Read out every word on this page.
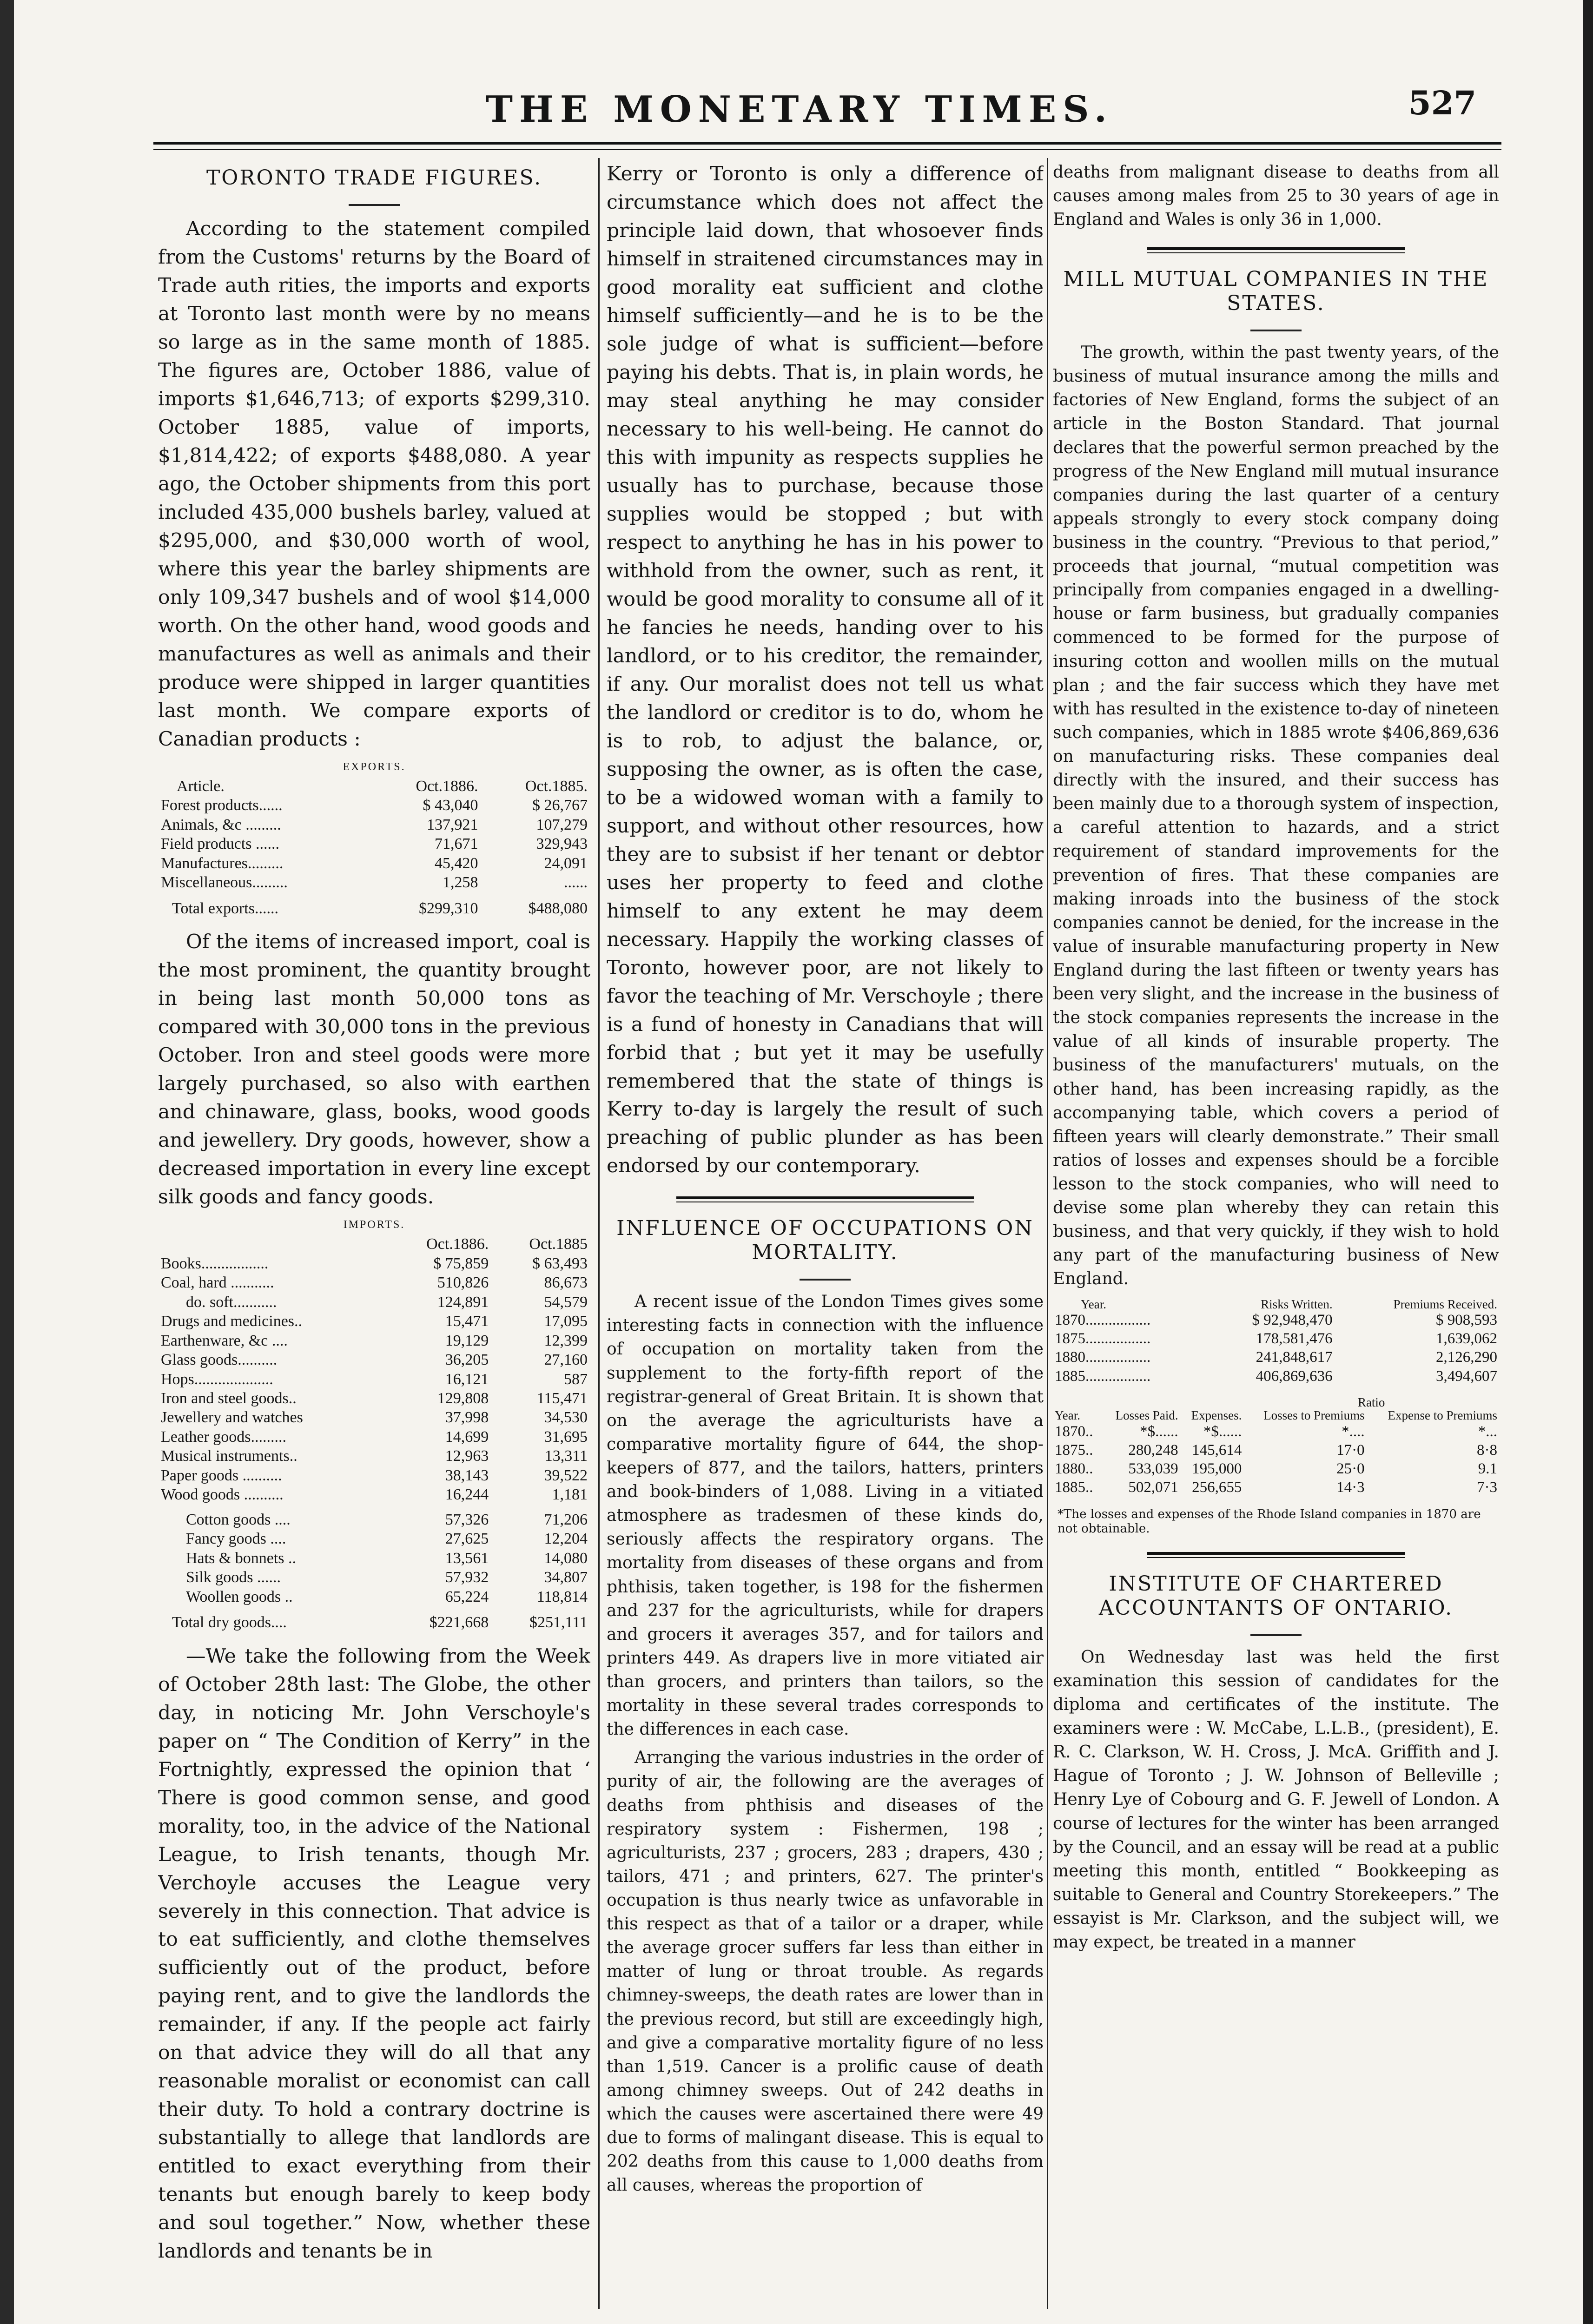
THE MONETARY TIMES.	527
TORONTO TRADE FIGURES.

According to the statement compiled from the Customs' returns by the Board of Trade auth rities, the imports and exports at Toronto last month were by no means so large as in the same month of 1885. The figures are, October 1886, value of imports $1,646,713; of exports $299,310. October 1885, value of imports, $1,814,422; of exports $488,080. A year ago, the October shipments from this port included 435,000 bushels barley, valued at $295,000, and $30,000 worth of wool, where this year the barley shipments are only 109,347 bushels and of wool $14,000 worth. On the other hand, wood goods and manufactures as well as animals and their produce were shipped in larger quantities last month. We compare exports of Canadian products :

EXPORTS.		
Article.	Oct.1886.	Oct.1885.
Forest products......	$ 43,040	$ 26,767
Animals, &c .........	137,921	107,279
Field products ......	71,671	329,943
Manufactures.........	45,420	24,091
Miscellaneous.........	1,258	......
Total exports......	$299,310	$488,080

Of the items of increased import, coal is the most prominent, the quantity brought in being last month 50,000 tons as compared with 30,000 tons in the previous October. Iron and steel goods were more largely purchased, so also with earthen and chinaware, glass, books, wood goods and jewellery. Dry goods, however, show a decreased importation in every line except silk goods and fancy goods.

IMPORTS.		
	Oct.1886.	Oct.1885
Books.................	$ 75,859	$ 63,493
Coal, hard ...........	510,826	86,673
do. soft...........	124,891	54,579
Drugs and medicines..	15,471	17,095
Earthenware, &c ....	19,129	12,399
Glass goods..........	36,205	27,160
Hops....................	16,121	587
Iron and steel goods..	129,808	115,471
Jewellery and watches	37,998	34,530
Leather goods.........	14,699	31,695
Musical instruments..	12,963	13,311
Paper goods ..........	38,143	39,522
Wood goods ..........	16,244	1,181
Cotton goods ....	57,326	71,206
Fancy goods ....	27,625	12,204
Hats & bonnets ..	13,561	14,080
Silk goods ......	57,932	34,807
Woollen goods ..	65,224	118,814
Total dry goods....	$221,668	$251,111

—We take the following from the Week of October 28th last: The Globe, the other day, in noticing Mr. John Verschoyle's paper on “ The Condition of Kerry” in the Fortnightly, expressed the opinion that ‘ There is good common sense, and good morality, too, in the advice of the National League, to Irish tenants, though Mr. Verchoyle accuses the League very severely in this connection. That advice is to eat sufficiently, and clothe themselves sufficiently out of the product, before paying rent, and to give the landlords the remainder, if any. If the people act fairly on that advice they will do all that any reasonable moralist or economist can call their duty. To hold a contrary doctrine is substantially to allege that landlords are entitled to exact everything from their tenants but enough barely to keep body and soul together.” Now, whether these landlords and tenants be in

Kerry or Toronto is only a difference of circumstance which does not affect the principle laid down, that whosoever finds himself in straitened circumstances may in good morality eat sufficient and clothe himself sufficiently—and he is to be the sole judge of what is sufficient—before paying his debts. That is, in plain words, he may steal anything he may consider necessary to his well-being. He cannot do this with impunity as respects supplies he usually has to purchase, because those supplies would be stopped ; but with respect to anything he has in his power to withhold from the owner, such as rent, it would be good morality to consume all of it he fancies he needs, handing over to his landlord, or to his creditor, the remainder, if any. Our moralist does not tell us what the landlord or creditor is to do, whom he is to rob, to adjust the balance, or, supposing the owner, as is often the case, to be a widowed woman with a family to support, and without other resources, how they are to subsist if her tenant or debtor uses her property to feed and clothe himself to any extent he may deem necessary. Happily the working classes of Toronto, however poor, are not likely to favor the teaching of Mr. Verschoyle ; there is a fund of honesty in Canadians that will forbid that ; but yet it may be usefully remembered that the state of things is Kerry to-day is largely the result of such preaching of public plunder as has been endorsed by our contemporary.

INFLUENCE OF OCCUPATIONS ON MORTALITY.

A recent issue of the London Times gives some interesting facts in connection with the influence of occupation on mortality taken from the supplement to the forty-fifth report of the registrar-general of Great Britain. It is shown that on the average the agriculturists have a comparative mortality figure of 644, the shop-keepers of 877, and the tailors, hatters, printers and book-binders of 1,088. Living in a vitiated atmosphere as tradesmen of these kinds do, seriously affects the respiratory organs. The mortality from diseases of these organs and from phthisis, taken together, is 198 for the fishermen and 237 for the agriculturists, while for drapers and grocers it averages 357, and for tailors and printers 449. As drapers live in more vitiated air than grocers, and printers than tailors, so the mortality in these several trades corresponds to the differences in each case.

Arranging the various industries in the order of purity of air, the following are the averages of deaths from phthisis and diseases of the respiratory system : Fishermen, 198 ; agriculturists, 237 ; grocers, 283 ; drapers, 430 ; tailors, 471 ; and printers, 627. The printer's occupation is thus nearly twice as unfavorable in this respect as that of a tailor or a draper, while the average grocer suffers far less than either in matter of lung or throat trouble. As regards chimney-sweeps, the death rates are lower than in the previous record, but still are exceedingly high, and give a comparative mortality figure of no less than 1,519. Cancer is a prolific cause of death among chimney sweeps. Out of 242 deaths in which the causes were ascertained there were 49 due to forms of malingant disease. This is equal to 202 deaths from this cause to 1,000 deaths from all causes, whereas the proportion of

deaths from malignant disease to deaths from all causes among males from 25 to 30 years of age in England and Wales is only 36 in 1,000.

MILL MUTUAL COMPANIES IN THE STATES.

The growth, within the past twenty years, of the business of mutual insurance among the mills and factories of New England, forms the subject of an article in the Boston Standard. That journal declares that the powerful sermon preached by the progress of the New England mill mutual insurance companies during the last quarter of a century appeals strongly to every stock company doing business in the country. “Previous to that period,” proceeds that journal, “mutual competition was principally from companies engaged in a dwelling-house or farm business, but gradually companies commenced to be formed for the purpose of insuring cotton and woollen mills on the mutual plan ; and the fair success which they have met with has resulted in the existence to-day of nineteen such companies, which in 1885 wrote $406,869,636 on manufacturing risks. These companies deal directly with the insured, and their success has been mainly due to a thorough system of inspection, a careful attention to hazards, and a strict requirement of standard improvements for the prevention of fires. That these companies are making inroads into the business of the stock companies cannot be denied, for the increase in the value of insurable manufacturing property in New England during the last fifteen or twenty years has been very slight, and the increase in the business of the stock companies represents the increase in the value of all kinds of insurable property. The business of the manufacturers' mutuals, on the other hand, has been increasing rapidly, as the accompanying table, which covers a period of fifteen years will clearly demonstrate.” Their small ratios of losses and expenses should be a forcible lesson to the stock companies, who will need to devise some plan whereby they can retain this business, and that very quickly, if they wish to hold any part of the manufacturing business of New England.

Year.	Risks Written.	Premiums Received.
1870.................	$ 92,948,470	$ 908,593
1875.................	178,581,476	1,639,062
1880.................	241,848,617	2,126,290
1885.................	406,869,636	3,494,607
			Ratio	
Year.	Losses Paid.	Expenses.	Losses to Premiums	Expense to Premiums
1870..	*$......	*$......	*....	*...
1875..	280,248	145,614	17·0	8·8
1880..	533,039	195,000	25·0	9.1
1885..	502,071	256,655	14·3	7·3
*The losses and expenses of the Rhode Island companies in 1870 are not obtainable.
INSTITUTE OF CHARTERED ACCOUNTANTS OF ONTARIO.

On Wednesday last was held the first examination this session of candidates for the diploma and certificates of the institute. The examiners were : W. McCabe, L.L.B., (president), E. R. C. Clarkson, W. H. Cross, J. McA. Griffith and J. Hague of Toronto ; J. W. Johnson of Belleville ; Henry Lye of Cobourg and G. F. Jewell of London. A course of lectures for the winter has been arranged by the Council, and an essay will be read at a public meeting this month, entitled “ Bookkeeping as suitable to General and Country Storekeepers.” The essayist is Mr. Clarkson, and the subject will, we may expect, be treated in a manner
